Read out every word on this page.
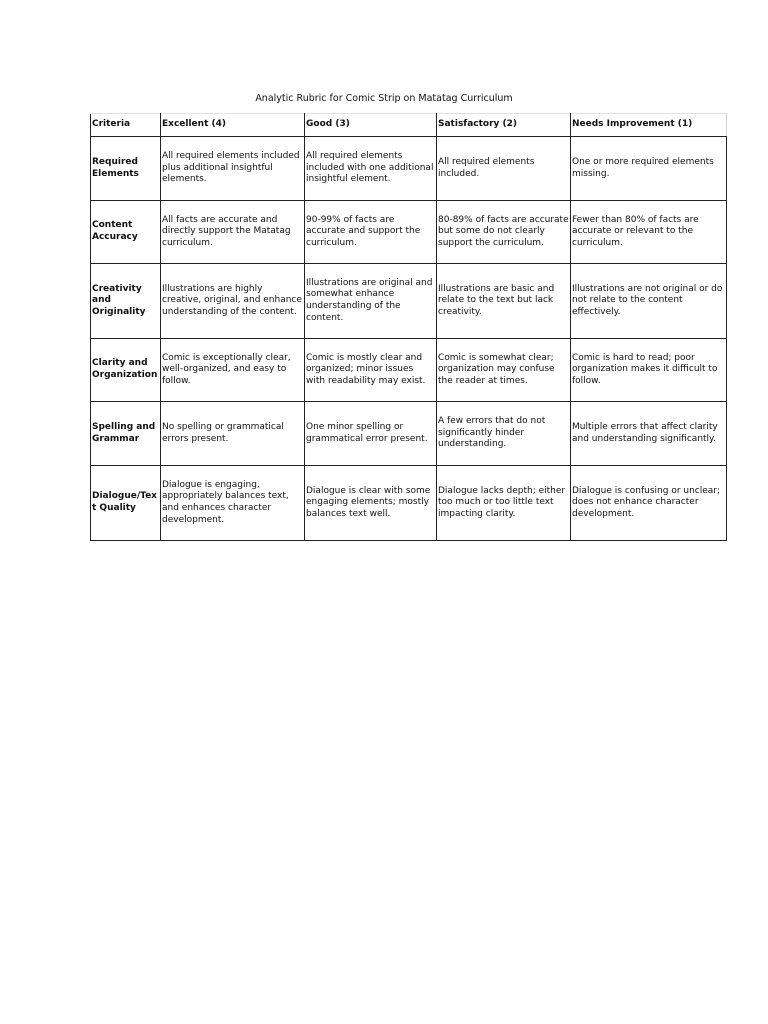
Analytic Rubric for Comic Strip on Matatag Curriculum
Criteria	Excellent (4)	Good (3)	Satisfactory (2)	Needs Improvement (1)
Required Elements	All required elements included plus additional insightful elements.	All required elements included with one additional insightful element.	All required elements included.	One or more required elements missing.
Content Accuracy	All facts are accurate and directly support the Matatag curriculum.	90-99% of facts are accurate and support the curriculum.	80-89% of facts are accurate but some do not clearly support the curriculum.	Fewer than 80% of facts are accurate or relevant to the curriculum.
Creativity and Originality	Illustrations are highly creative, original, and enhance understanding of the content.	Illustrations are original and somewhat enhance understanding of the content.	Illustrations are basic and relate to the text but lack creativity.	Illustrations are not original or do not relate to the content effectively.
Clarity and Organization	Comic is exceptionally clear, well-organized, and easy to follow.	Comic is mostly clear and organized; minor issues with readability may exist.	Comic is somewhat clear; organization may confuse the reader at times.	Comic is hard to read; poor organization makes it difficult to follow.
Spelling and Grammar	No spelling or grammatical errors present.	One minor spelling or grammatical error present.	A few errors that do not significantly hinder understanding.	Multiple errors that affect clarity and understanding significantly.
Dialogue/Text Quality	Dialogue is engaging, appropriately balances text, and enhances character development.	Dialogue is clear with some engaging elements; mostly balances text well.	Dialogue lacks depth; either too much or too little text impacting clarity.	Dialogue is confusing or unclear; does not enhance character development.
